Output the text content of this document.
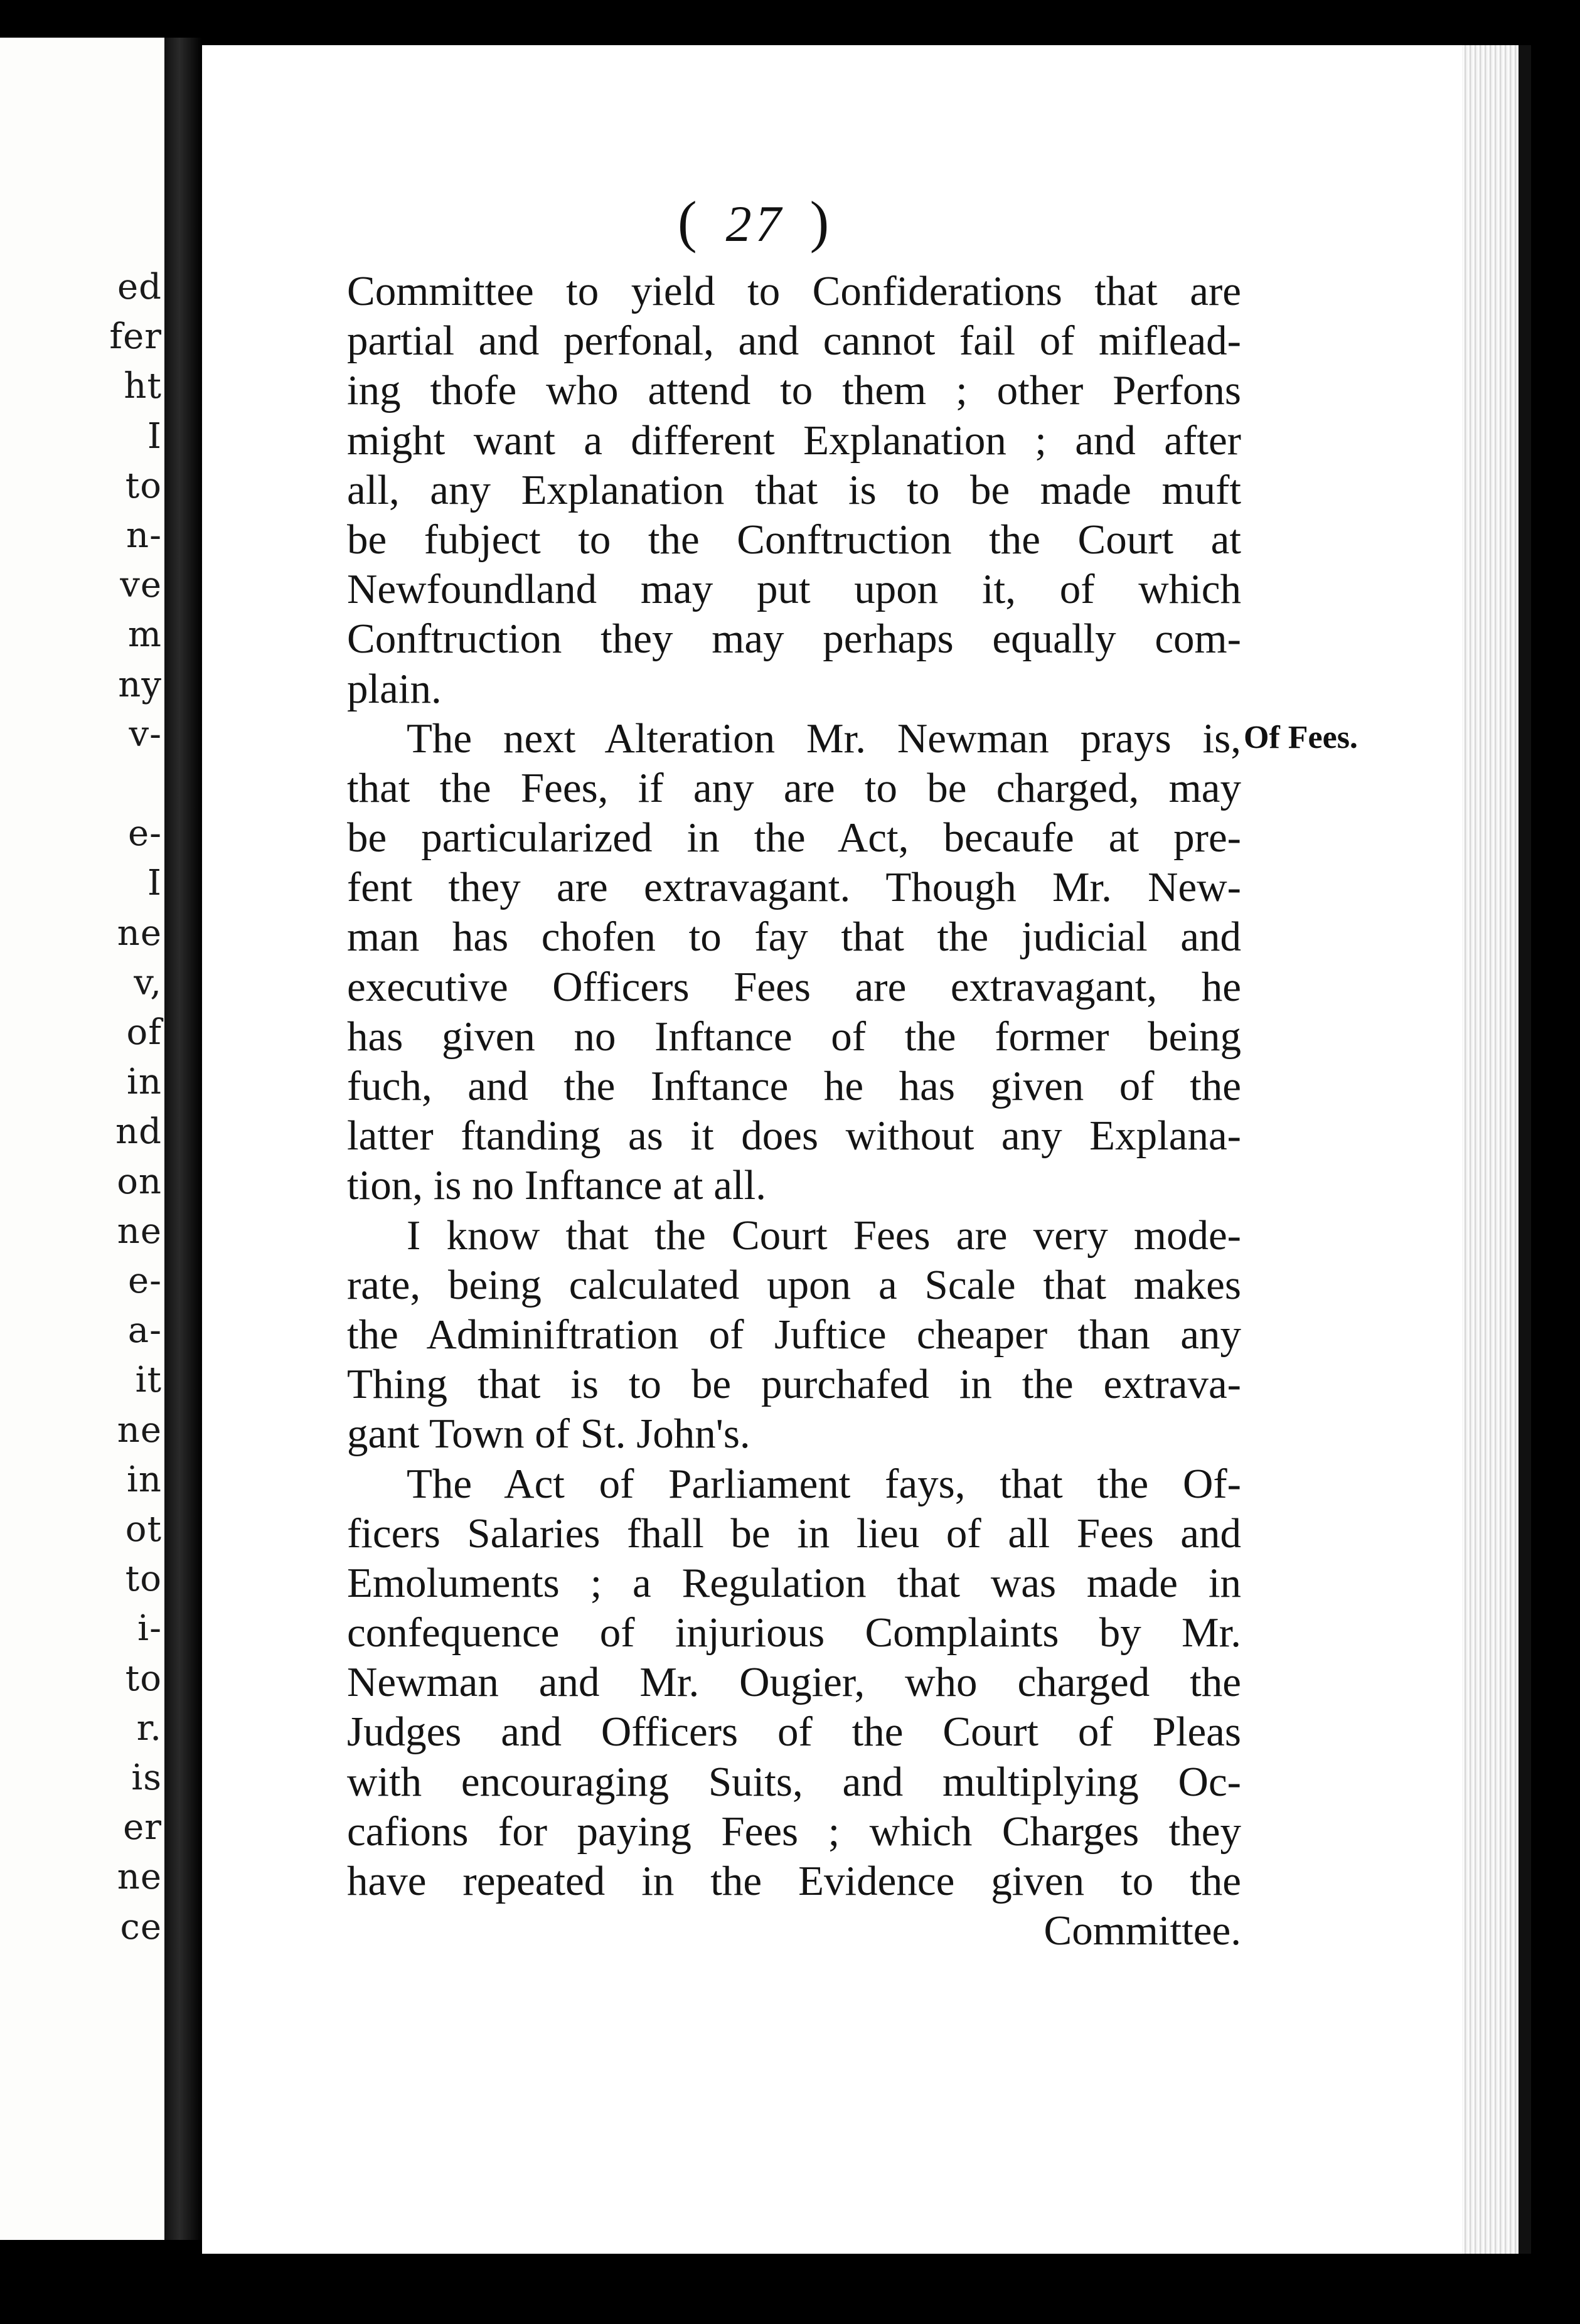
ed
fer
ht
I
to
n-
ve
m
ny
v-
e-
I
ne
v,
of
in
nd
on
ne
e-
a-
it
ne
in
ot
to
i-
to
r.
is
er
ne
ce
( 27 )
Committee to yield to Confiderations that are
partial and perfonal, and cannot fail of miflead-
ing thofe who attend to them ; other Perfons
might want a different Explanation ; and after
all, any Explanation that is to be made muft
be fubject to the Conftruction the Court at
Newfoundland may put upon it, of which
Conftruction they may perhaps equally com-
plain.
The next Alteration Mr. Newman prays is,
that the Fees, if any are to be charged, may
be particularized in the Act, becaufe at pre-
fent they are extravagant. Though Mr. New-
man has chofen to fay that the judicial and
executive Officers Fees are extravagant, he
has given no Inftance of the former being
fuch, and the Inftance he has given of the
latter ftanding as it does without any Explana-
tion, is no Inftance at all.
I know that the Court Fees are very mode-
rate, being calculated upon a Scale that makes
the Adminiftration of Juftice cheaper than any
Thing that is to be purchafed in the extrava-
gant Town of St. John's.
The Act of Parliament fays, that the Of-
ficers Salaries fhall be in lieu of all Fees and
Emoluments ; a Regulation that was made in
confequence of injurious Complaints by Mr.
Newman and Mr. Ougier, who charged the
Judges and Officers of the Court of Pleas
with encouraging Suits, and multiplying Oc-
cafions for paying Fees ; which Charges they
have repeated in the Evidence given to the
Committee.
Of Fees.
